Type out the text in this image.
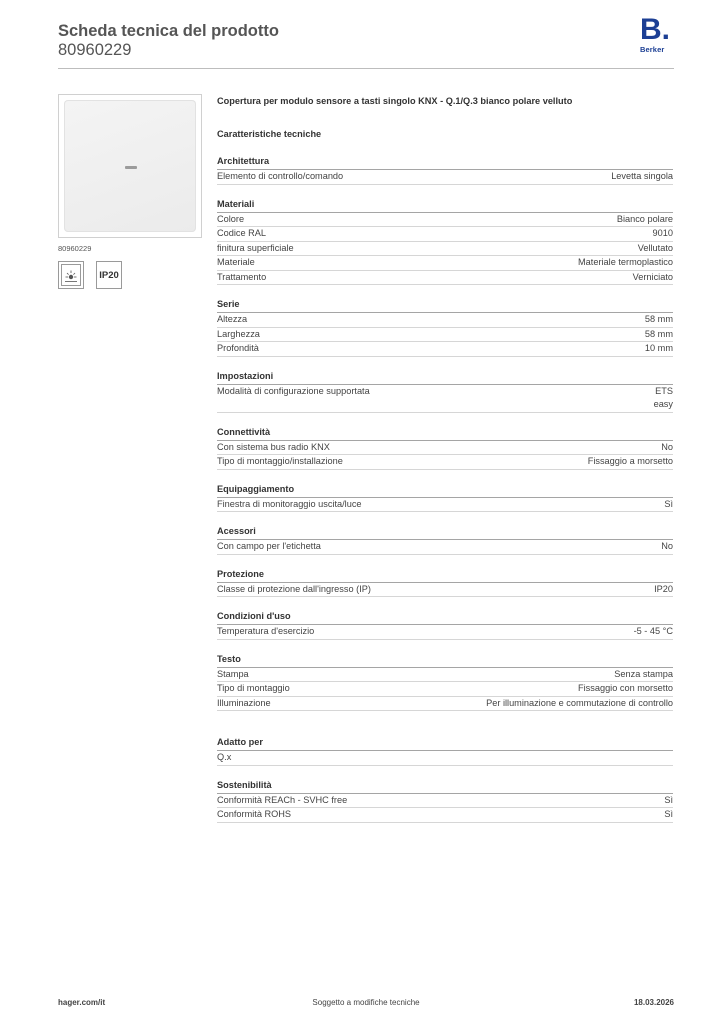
Scheda tecnica del prodotto
80960229
B.
Berker
80960229
IP20
Copertura per modulo sensore a tasti singolo KNX - Q.1/Q.3 bianco polare velluto
Caratteristiche tecniche
Architettura
Elemento di controllo/comando	Levetta singola
Materiali
Colore	Bianco polare
Codice RAL	9010
finitura superficiale	Vellutato
Materiale	Materiale termoplastico
Trattamento	Verniciato
Serie
Altezza	58 mm
Larghezza	58 mm
Profondità	10 mm
Impostazioni
Modalità di configurazione supportata	ETS
easy
Connettività
Con sistema bus radio KNX	No
Tipo di montaggio/installazione	Fissaggio a morsetto
Equipaggiamento
Finestra di monitoraggio uscita/luce	Sì
Acessori
Con campo per l'etichetta	No
Protezione
Classe di protezione dall'ingresso (IP)	IP20
Condizioni d'uso
Temperatura d'esercizio	-5 - 45 °C
Testo
Stampa	Senza stampa
Tipo di montaggio	Fissaggio con morsetto
Illuminazione	Per illuminazione e commutazione di controllo
Adatto per
Q.x
Sostenibilità
Conformità REACh - SVHC free	Sì
Conformità ROHS	Sì
hager.com/it	Soggetto a modifiche tecniche	18.03.2026
